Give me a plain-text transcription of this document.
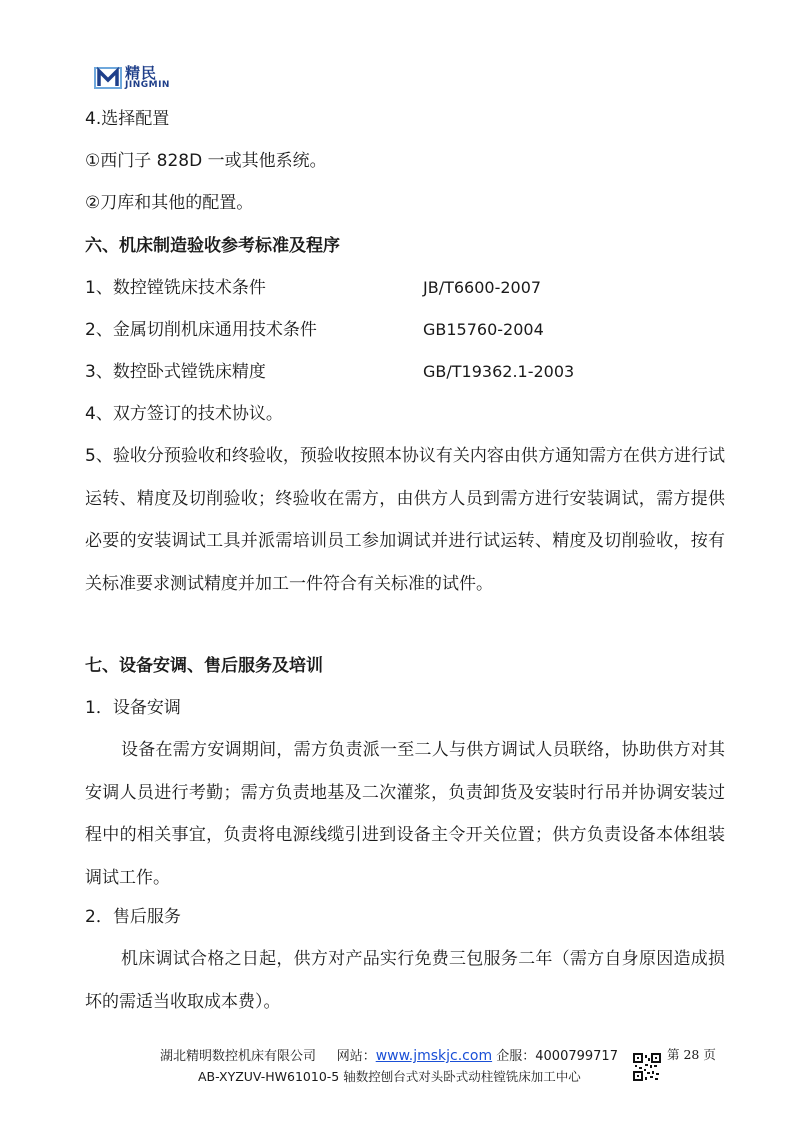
精民
JINGMIN
4.选择配置
①西门子 828D 一或其他系统。
②刀库和其他的配置。
六、机床制造验收参考标准及程序
1、数控镗铣床技术条件	JB/T6600-2007
2、金属切削机床通用技术条件	GB15760-2004
3、数控卧式镗铣床精度	GB/T19362.1-2003
4、双方签订的技术协议。
5、验收分预验收和终验收，预验收按照本协议有关内容由供方通知需方在供方进行试运转、精度及切削验收；终验收在需方，由供方人员到需方进行安装调试，需方提供必要的安装调试工具并派需培训员工参加调试并进行试运转、精度及切削验收，按有关标准要求测试精度并加工一件符合有关标准的试件。
七、设备安调、售后服务及培训
1．设备安调
设备在需方安调期间，需方负责派一至二人与供方调试人员联络，协助供方对其安调人员进行考勤；需方负责地基及二次灌浆，负责卸货及安装时行吊并协调安装过程中的相关事宜，负责将电源线缆引进到设备主令开关位置；供方负责设备本体组装调试工作。
2．售后服务
机床调试合格之日起，供方对产品实行免费三包服务二年（需方自身原因造成损坏的需适当收取成本费）。
湖北精明数控机床有限公司 网站：www.jmskjc.com 企服：4000799717	第 28 页
AB-XYZUV-HW61010-5 轴数控刨台式对头卧式动柱镗铣床加工中心
